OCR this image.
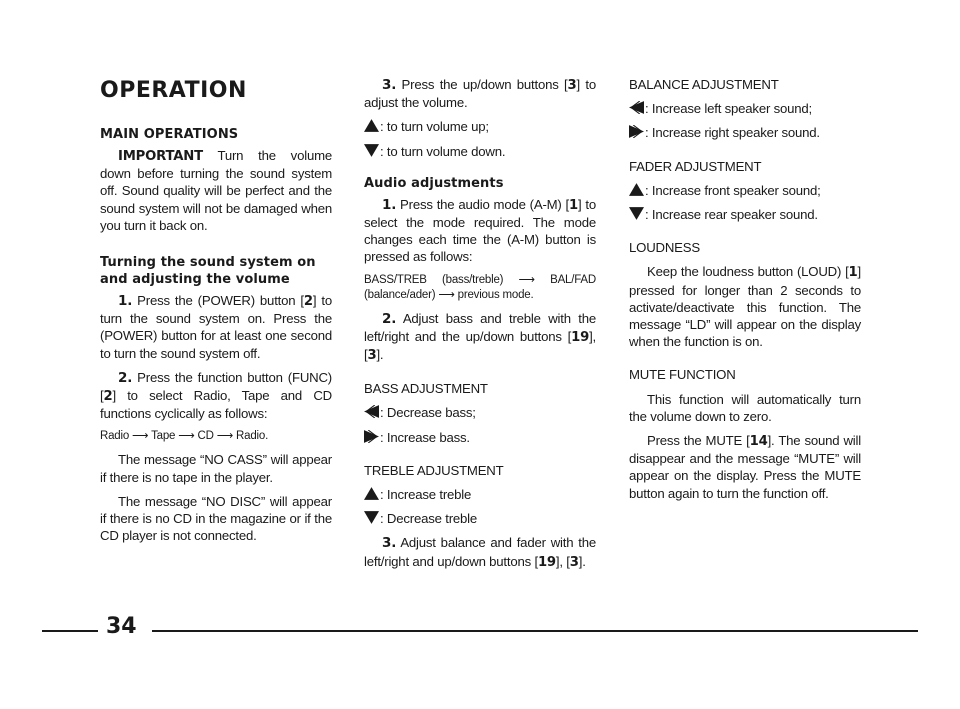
OPERATION
MAIN OPERATIONS

IMPORTANT Turn the volume down before turning the sound system off. Sound quality will be perfect and the sound system will not be damaged when you turn it back on.

Turning the sound system on and adjusting the volume

1. Press the (POWER) button [2] to turn the sound system on. Press the (POWER) button for at least one second to turn the sound system off.

2. Press the function button (FUNC) [2] to select Radio, Tape and CD functions cyclically as follows:

Radio ⟶ Tape ⟶ CD ⟶ Radio.

The message “NO CASS” will appear if there is no tape in the player.

The message “NO DISC” will appear if there is no CD in the magazine or if the CD player is not connected.

3. Press the up/down buttons [3] to adjust the volume.

: to turn volume up;

: to turn volume down.

Audio adjustments

1. Press the audio mode (A-M) [1] to select the mode required. The mode changes each time the (A-M) button is pressed as follows:

BASS/TREB (bass/treble) ⟶ BAL/FAD (balance/ader) ⟶ previous mode.

2. Adjust bass and treble with the left/right and the up/down buttons [19], [3].

BASS ADJUSTMENT

: Decrease bass;

: Increase bass.

TREBLE ADJUSTMENT

: Increase treble

: Decrease treble

3. Adjust balance and fader with the left/right and up/down buttons [19], [3].

BALANCE ADJUSTMENT

: Increase left speaker sound;

: Increase right speaker sound.

FADER ADJUSTMENT

: Increase front speaker sound;

: Increase rear speaker sound.

LOUDNESS

Keep the loudness button (LOUD) [1] pressed for longer than 2 seconds to activate/deactivate this function. The message “LD” will appear on the display when the function is on.

MUTE FUNCTION

This function will automatically turn the volume down to zero.

Press the MUTE [14]. The sound will disappear and the message “MUTE” will appear on the display. Press the MUTE button again to turn the function off.

34
